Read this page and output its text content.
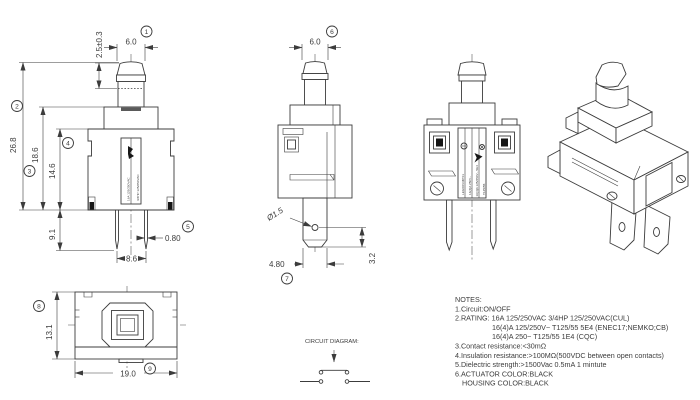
16A 125/250VAC 3/4HP 125/250VAC
6.0
1
2.5±0.3
26.8
2
18.6
3 14.6
4
9.1
8.6
0.80
5
Ø1.5
4.80
7
3.2
6.0
6
LEGION MPS1 16(4)A 250V~ 16(4)A 125/250V~ 5E4 T125/55
13.1
8
19.0 9
CIRCUIT DIAGRAM:
NOTES:
1.Circuit:ON/OFF
2.RATING: 16A 125/250VAC 3/4HP 125/250VAC(CUL)
16(4)A 125/250V~ T125/55 5E4 (ENEC17;NEMKO;CB)
16(4)A 250~ T125/55 1E4 (CQC)
3.Contact resistance:<30mΩ
4.Insulation resistance:>100MΩ(500VDC between open contacts)
5.Dielectric strength:>1500Vac 0.5mA 1 mintute
6.ACTUATOR COLOR:BLACK
HOUSING COLOR:BLACK
